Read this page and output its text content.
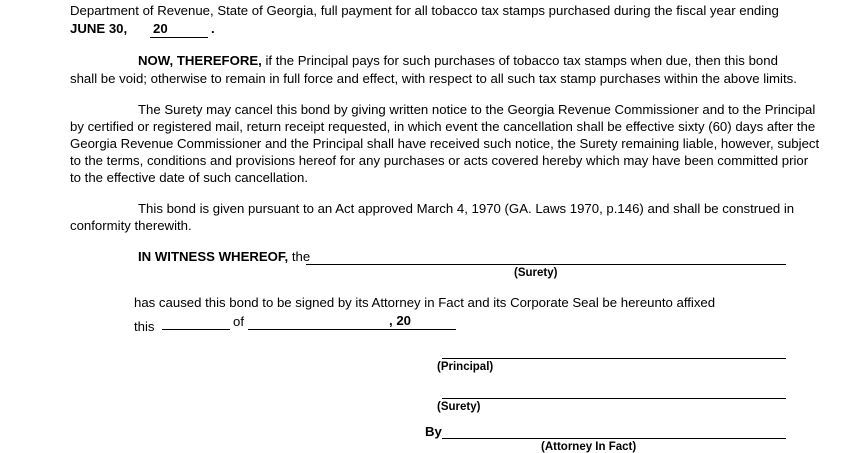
Department of Revenue, State of Georgia, full payment for all tobacco tax stamps purchased during the fiscal year ending
JUNE 30, 20	.
NOW, THEREFORE, if the Principal pays for such purchases of tobacco tax stamps when due, then this bond
shall be void; otherwise to remain in full force and effect, with respect to all such tax stamp purchases within the above limits.
The Surety may cancel this bond by giving written notice to the Georgia Revenue Commissioner and to the Principal
by certified or registered mail, return receipt requested, in which event the cancellation shall be effective sixty (60) days after the
Georgia Revenue Commissioner and the Principal shall have received such notice, the Surety remaining liable, however, subject
to the terms, conditions and provisions hereof for any purchases or acts covered hereby which may have been committed prior
to the effective date of such cancellation.
This bond is given pursuant to an Act approved March 4, 1970 (GA. Laws 1970, p.146) and shall be construed in
conformity therewith.
IN WITNESS WHEREOF, the
(Surety)
has caused this bond to be signed by its Attorney in Fact and its Corporate Seal be hereunto affixed
this	of	, 20
(Principal)
(Surety)
By
(Attorney In Fact)
